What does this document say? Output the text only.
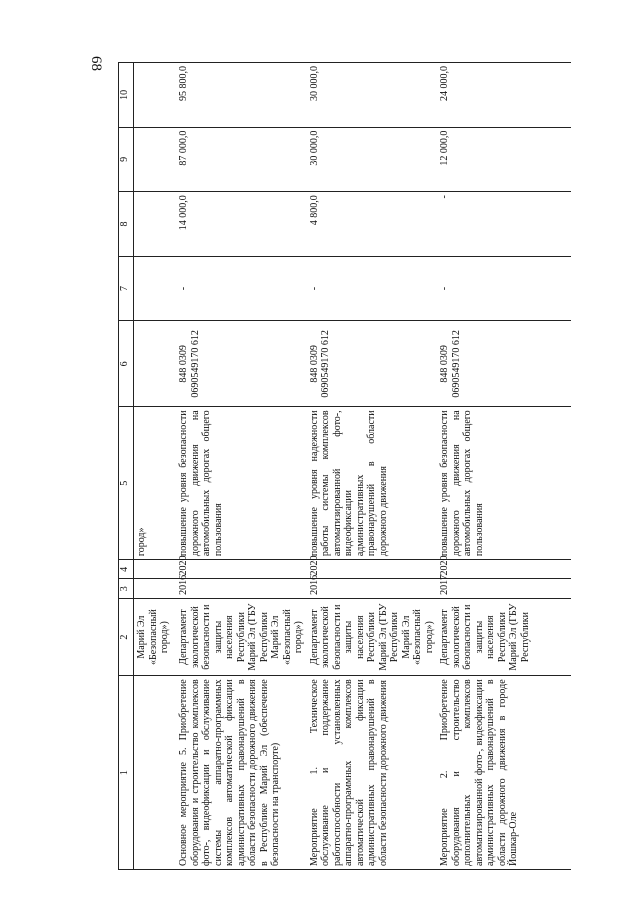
68
1	2	3	4	5	6	7	8	9	10
	Марий Эл «Безопасный город»)			город»					
Основное мероприятие 5. Приобретение оборудования и строительство комплексов фото-, видеофиксации и обслуживание системы аппаратно-программных комплексов автоматической фиксации административных правонарушений в области безопасности дорожного движения в Республике Марий Эл (обеспечение безопасности на транспорте)	Департамент экологической безопасности и защиты населения Республики Марий Эл (ГБУ Республики Марий Эл «Безопасный город»)	2016	2020	повышение уровня безопасности дорожного движения на автомобильных дорогах общего пользования	848 0309 0690549170 612	-	14 000,0	87 000,0	95 800,0
Мероприятие 1. Техническое обслуживание и поддержание работоспособности установленных аппаратно-программных комплексов автоматической фиксации административных правонарушений в области безопасности дорожного движения	Департамент экологической безопасности и защиты населения Республики Марий Эл (ГБУ Республики Марий Эл «Безопасный город»)	2016	2020	повышение уровня надежности работы системы комплексов автоматизированной фото-, видеофиксации административных правонарушений в области дорожного движения	848 0309 0690549170 612	-	4 800,0	30 000,0	30 000,0
Мероприятие 2. Приобретение оборудования и строительство дополнительных комплексов автоматизированной фото-, видеофиксации административных правонарушений в области дорожного движения в городе Йошкар-Оле	Департамент экологической безопасности и защиты населения Республики Марий Эл (ГБУ Республики	2017	2020	повышение уровня безопасности дорожного движения на автомобильных дорогах общего пользования	848 0309 0690549170 612	-	-	12 000,0	24 000,0
